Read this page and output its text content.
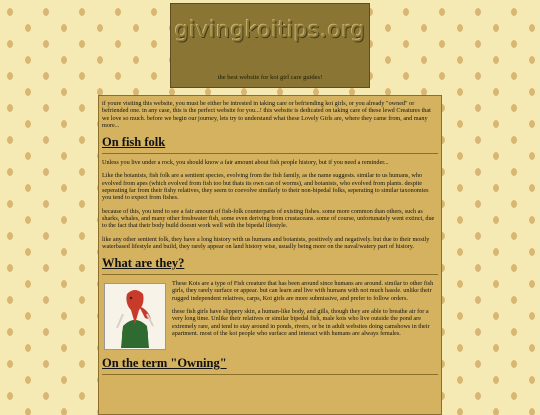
givingkoitips.org
the best website for koi girl care guides!

if youre visiting this website, you must be either be intrested in taking care or befriending koi girls, or you already "owned" or befriended one. in any case, this is the perfect website for you...! this website is dedicated on taking care of these lewd Creatures that we love so much. before we begin our journey, lets try to understand what these Lovely Girls are, where they came from, and many more...

On fish folk

Unless you live under a rock, you should know a fair amount about fish people history, but if you need a reminder...

Like the botanists, fish folk are a sentient species, evolving from the fish family, as the name suggests. similar to us humans, who evolved from apes (which evolved from fish too but thats its own can of worms), and botanists, who evolved from plants. despite seperating far from their fishy relatives, they seem to coevolve similarly to their non-bipedal folks, seperating to similar taxonomies you tend to expect from fishes.

because of this, you tend to see a fair amount of fish-folk counterparts of existing fishes. some more common than others, such as sharks, whales, and many other freshwater fish, some even deriving from crustaceans. some of course, unfortunately went extinct, due to the fact that their body build doesnt work well with the bipedal lifestyle.

like any other sentient folk, they have a long history with us humans and botanists, positively and negatively. but due to their mostly waterbased lifestyle and build, they rarely appear on land history wise, usually being more on the naval/watery part of history.

What are they?

These Kois are a type of Fish creature that has been around since humans are around. similar to other fish girls, they rarely surface or appear. but can learn and live with humans with not much hassle. unlike their rugged independent relatives, carps, Koi girls are more submissive, and prefer to follow orders.

these fish girls have slippery skin, a human-like body, and gills, though they are able to breathe air for a very long time. Unlike their relatives or similar bipedal fish, male kois who live outside the pond are extremely rare, and tend to stay around in ponds, rivers, or be in adult websites doing camshows in their apartment. most of the koi people who surface and interact with humans are always females.

On the term "Owning"
